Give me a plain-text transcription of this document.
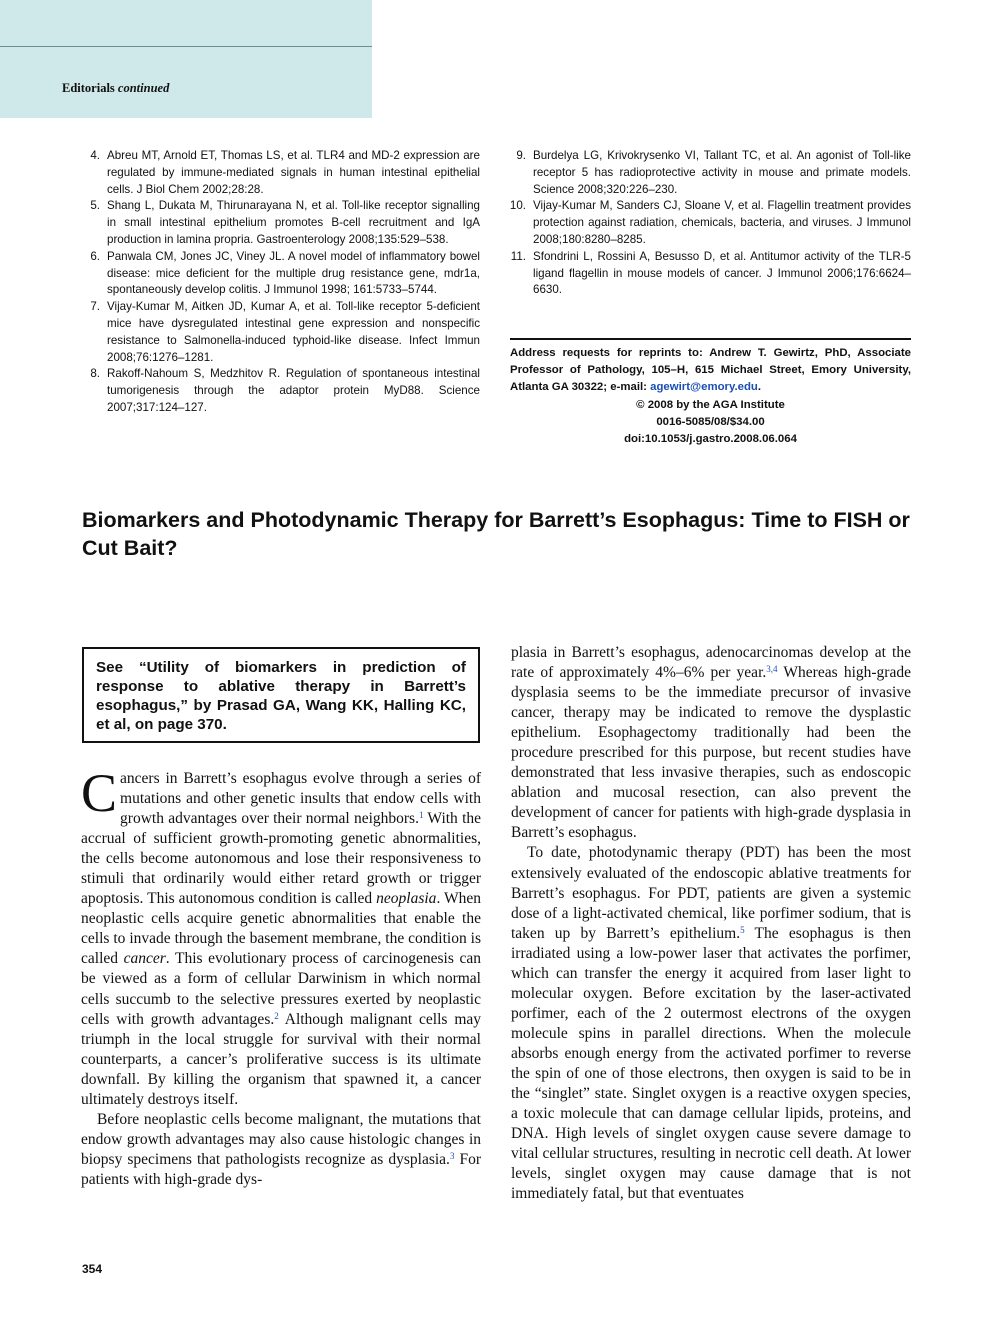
Editorials continued
4. Abreu MT, Arnold ET, Thomas LS, et al. TLR4 and MD-2 expression are regulated by immune-mediated signals in human intestinal epithelial cells. J Biol Chem 2002;28:28.
5. Shang L, Dukata M, Thirunarayana N, et al. Toll-like receptor signalling in small intestinal epithelium promotes B-cell recruitment and IgA production in lamina propria. Gastroenterology 2008;135:529–538.
6. Panwala CM, Jones JC, Viney JL. A novel model of inflammatory bowel disease: mice deficient for the multiple drug resistance gene, mdr1a, spontaneously develop colitis. J Immunol 1998; 161:5733–5744.
7. Vijay-Kumar M, Aitken JD, Kumar A, et al. Toll-like receptor 5-deficient mice have dysregulated intestinal gene expression and nonspecific resistance to Salmonella-induced typhoid-like disease. Infect Immun 2008;76:1276–1281.
8. Rakoff-Nahoum S, Medzhitov R. Regulation of spontaneous intestinal tumorigenesis through the adaptor protein MyD88. Science 2007;317:124–127.
9. Burdelya LG, Krivokrysenko VI, Tallant TC, et al. An agonist of Toll-like receptor 5 has radioprotective activity in mouse and primate models. Science 2008;320:226–230.
10. Vijay-Kumar M, Sanders CJ, Sloane V, et al. Flagellin treatment provides protection against radiation, chemicals, bacteria, and viruses. J Immunol 2008;180:8280–8285.
11. Sfondrini L, Rossini A, Besusso D, et al. Antitumor activity of the TLR-5 ligand flagellin in mouse models of cancer. J Immunol 2006;176:6624–6630.
Address requests for reprints to: Andrew T. Gewirtz, PhD, Associate Professor of Pathology, 105–H, 615 Michael Street, Emory University, Atlanta GA 30322; e-mail: agewirt@emory.edu.
© 2008 by the AGA Institute
0016-5085/08/$34.00
doi:10.1053/j.gastro.2008.06.064
Biomarkers and Photodynamic Therapy for Barrett’s Esophagus: Time to FISH or Cut Bait?
See “Utility of biomarkers in prediction of response to ablative therapy in Barrett’s esophagus,” by Prasad GA, Wang KK, Halling KC, et al, on page 370.

Cancers in Barrett’s esophagus evolve through a series of mutations and other genetic insults that endow cells with growth advantages over their normal neighbors.$^1$ With the accrual of sufficient growth-promoting genetic abnormalities, the cells become autonomous and lose their responsiveness to stimuli that ordinarily would either retard growth or trigger apoptosis. This autonomous condition is called neoplasia. When neoplastic cells acquire genetic abnormalities that enable the cells to invade through the basement membrane, the condition is called cancer. This evolutionary process of carcinogenesis can be viewed as a form of cellular Darwinism in which normal cells succumb to the selective pressures exerted by neoplastic cells with growth advantages.$^2$ Although malignant cells may triumph in the local struggle for survival with their normal counterparts, a cancer’s proliferative success is its ultimate downfall. By killing the organism that spawned it, a cancer ultimately destroys itself.

Before neoplastic cells become malignant, the mutations that endow growth advantages may also cause histologic changes in biopsy specimens that pathologists recognize as dysplasia.$^3$ For patients with high-grade dys-

plasia in Barrett’s esophagus, adenocarcinomas develop at the rate of approximately 4%–6% per year.$^{3,4}$ Whereas high-grade dysplasia seems to be the immediate precursor of invasive cancer, therapy may be indicated to remove the dysplastic epithelium. Esophagectomy traditionally had been the procedure prescribed for this purpose, but recent studies have demonstrated that less invasive therapies, such as endoscopic ablation and mucosal resection, can also prevent the development of cancer for patients with high-grade dysplasia in Barrett’s esophagus.

To date, photodynamic therapy (PDT) has been the most extensively evaluated of the endoscopic ablative treatments for Barrett’s esophagus. For PDT, patients are given a systemic dose of a light-activated chemical, like porfimer sodium, that is taken up by Barrett’s epithelium.$^5$ The esophagus is then irradiated using a low-power laser that activates the porfimer, which can transfer the energy it acquired from laser light to molecular oxygen. Before excitation by the laser-activated porfimer, each of the 2 outermost electrons of the oxygen molecule spins in parallel directions. When the molecule absorbs enough energy from the activated porfimer to reverse the spin of one of those electrons, then oxygen is said to be in the “singlet” state. Singlet oxygen is a reactive oxygen species, a toxic molecule that can damage cellular lipids, proteins, and DNA. High levels of singlet oxygen cause severe damage to vital cellular structures, resulting in necrotic cell death. At lower levels, singlet oxygen may cause damage that is not immediately fatal, but that eventuates

354
